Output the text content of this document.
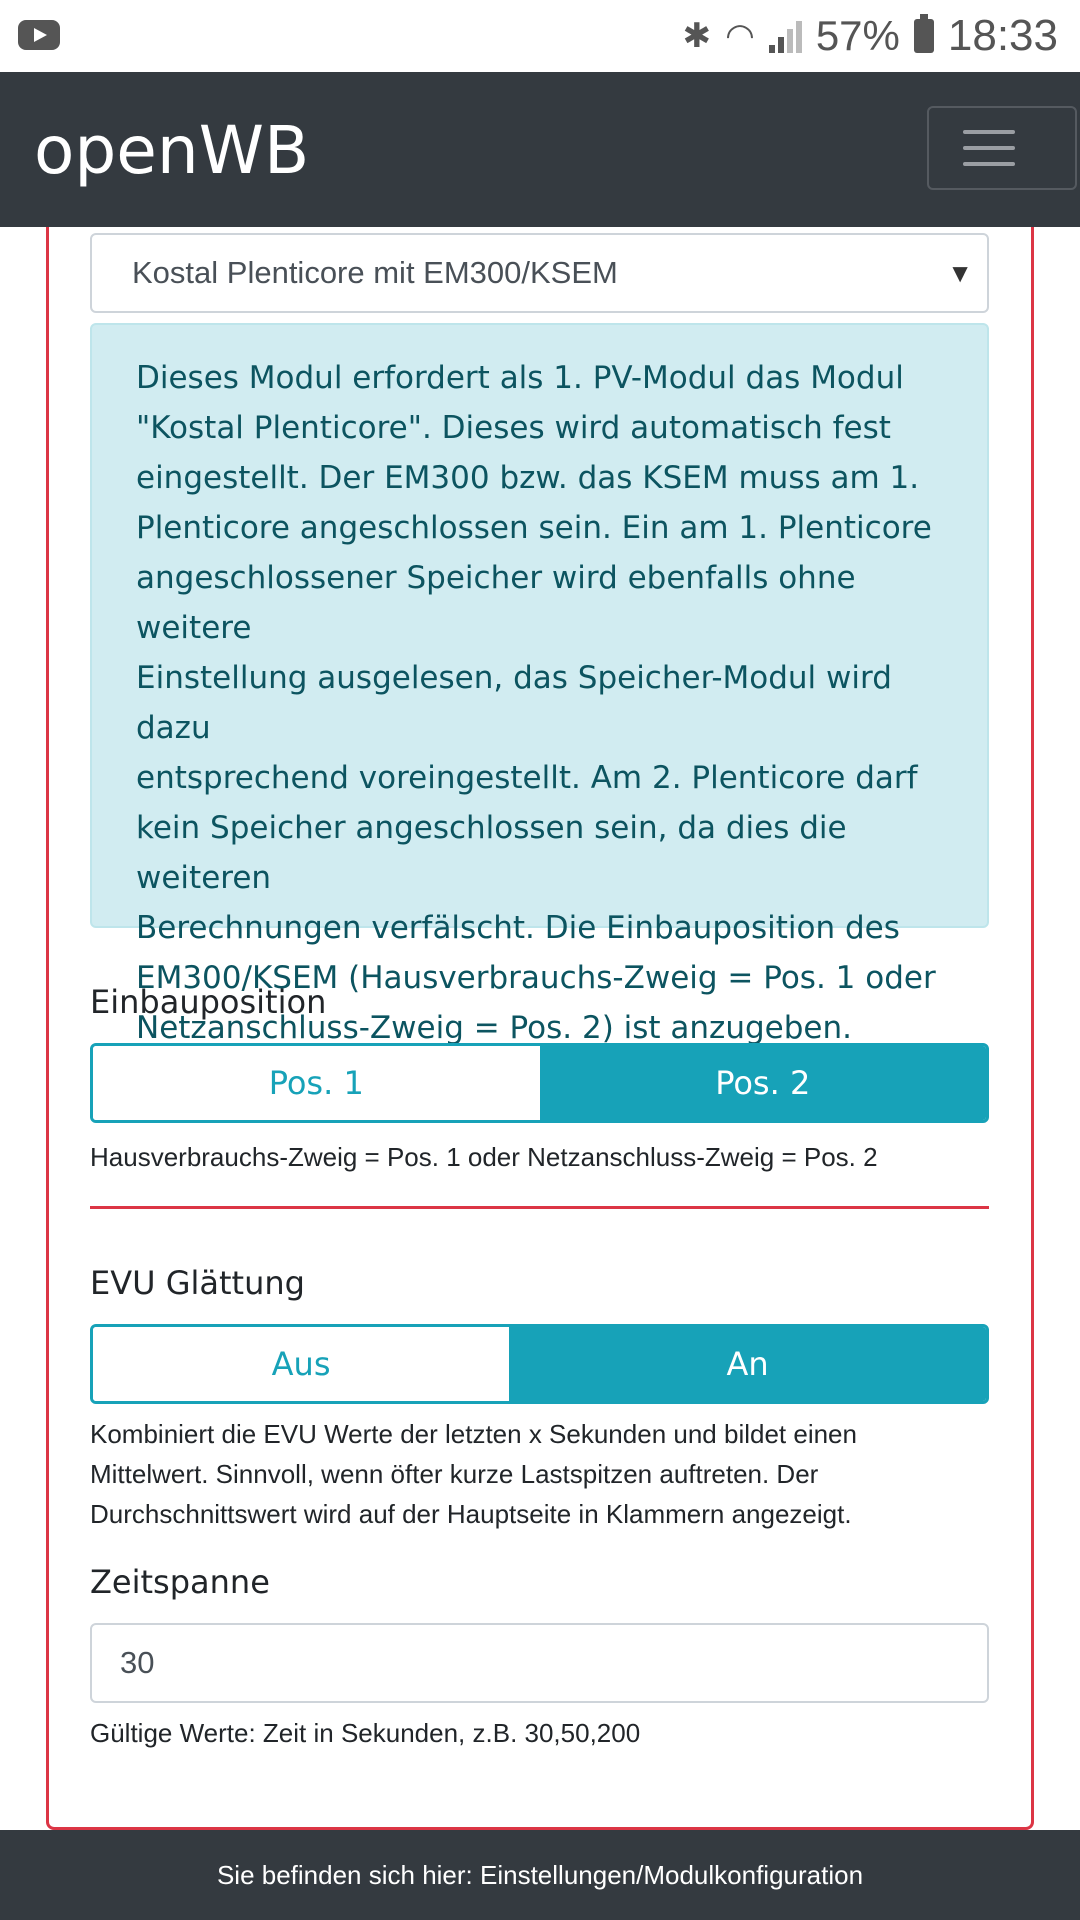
✱ ◠ 57% 18:33
openWB
Kostal Plenticore mit EM300/KSEM	▼
Dieses Modul erfordert als 1. PV-Modul das Modul
"Kostal Plenticore". Dieses wird automatisch fest
eingestellt. Der EM300 bzw. das KSEM muss am 1.
Plenticore angeschlossen sein. Ein am 1. Plenticore
angeschlossener Speicher wird ebenfalls ohne weitere
Einstellung ausgelesen, das Speicher-Modul wird dazu
entsprechend voreingestellt. Am 2. Plenticore darf
kein Speicher angeschlossen sein, da dies die weiteren
Berechnungen verfälscht. Die Einbauposition des
EM300/KSEM (Hausverbrauchs-Zweig = Pos. 1 oder
Netzanschluss-Zweig = Pos. 2) ist anzugeben.
Einbauposition
Pos. 1	Pos. 2
Hausverbrauchs-Zweig = Pos. 1 oder Netzanschluss-Zweig = Pos. 2
EVU Glättung
Aus	An
Kombiniert die EVU Werte der letzten x Sekunden und bildet einen
Mittelwert. Sinnvoll, wenn öfter kurze Lastspitzen auftreten. Der
Durchschnittswert wird auf der Hauptseite in Klammern angezeigt.
Zeitspanne
30
Gültige Werte: Zeit in Sekunden, z.B. 30,50,200
Sie befinden sich hier: Einstellungen/Modulkonfiguration
